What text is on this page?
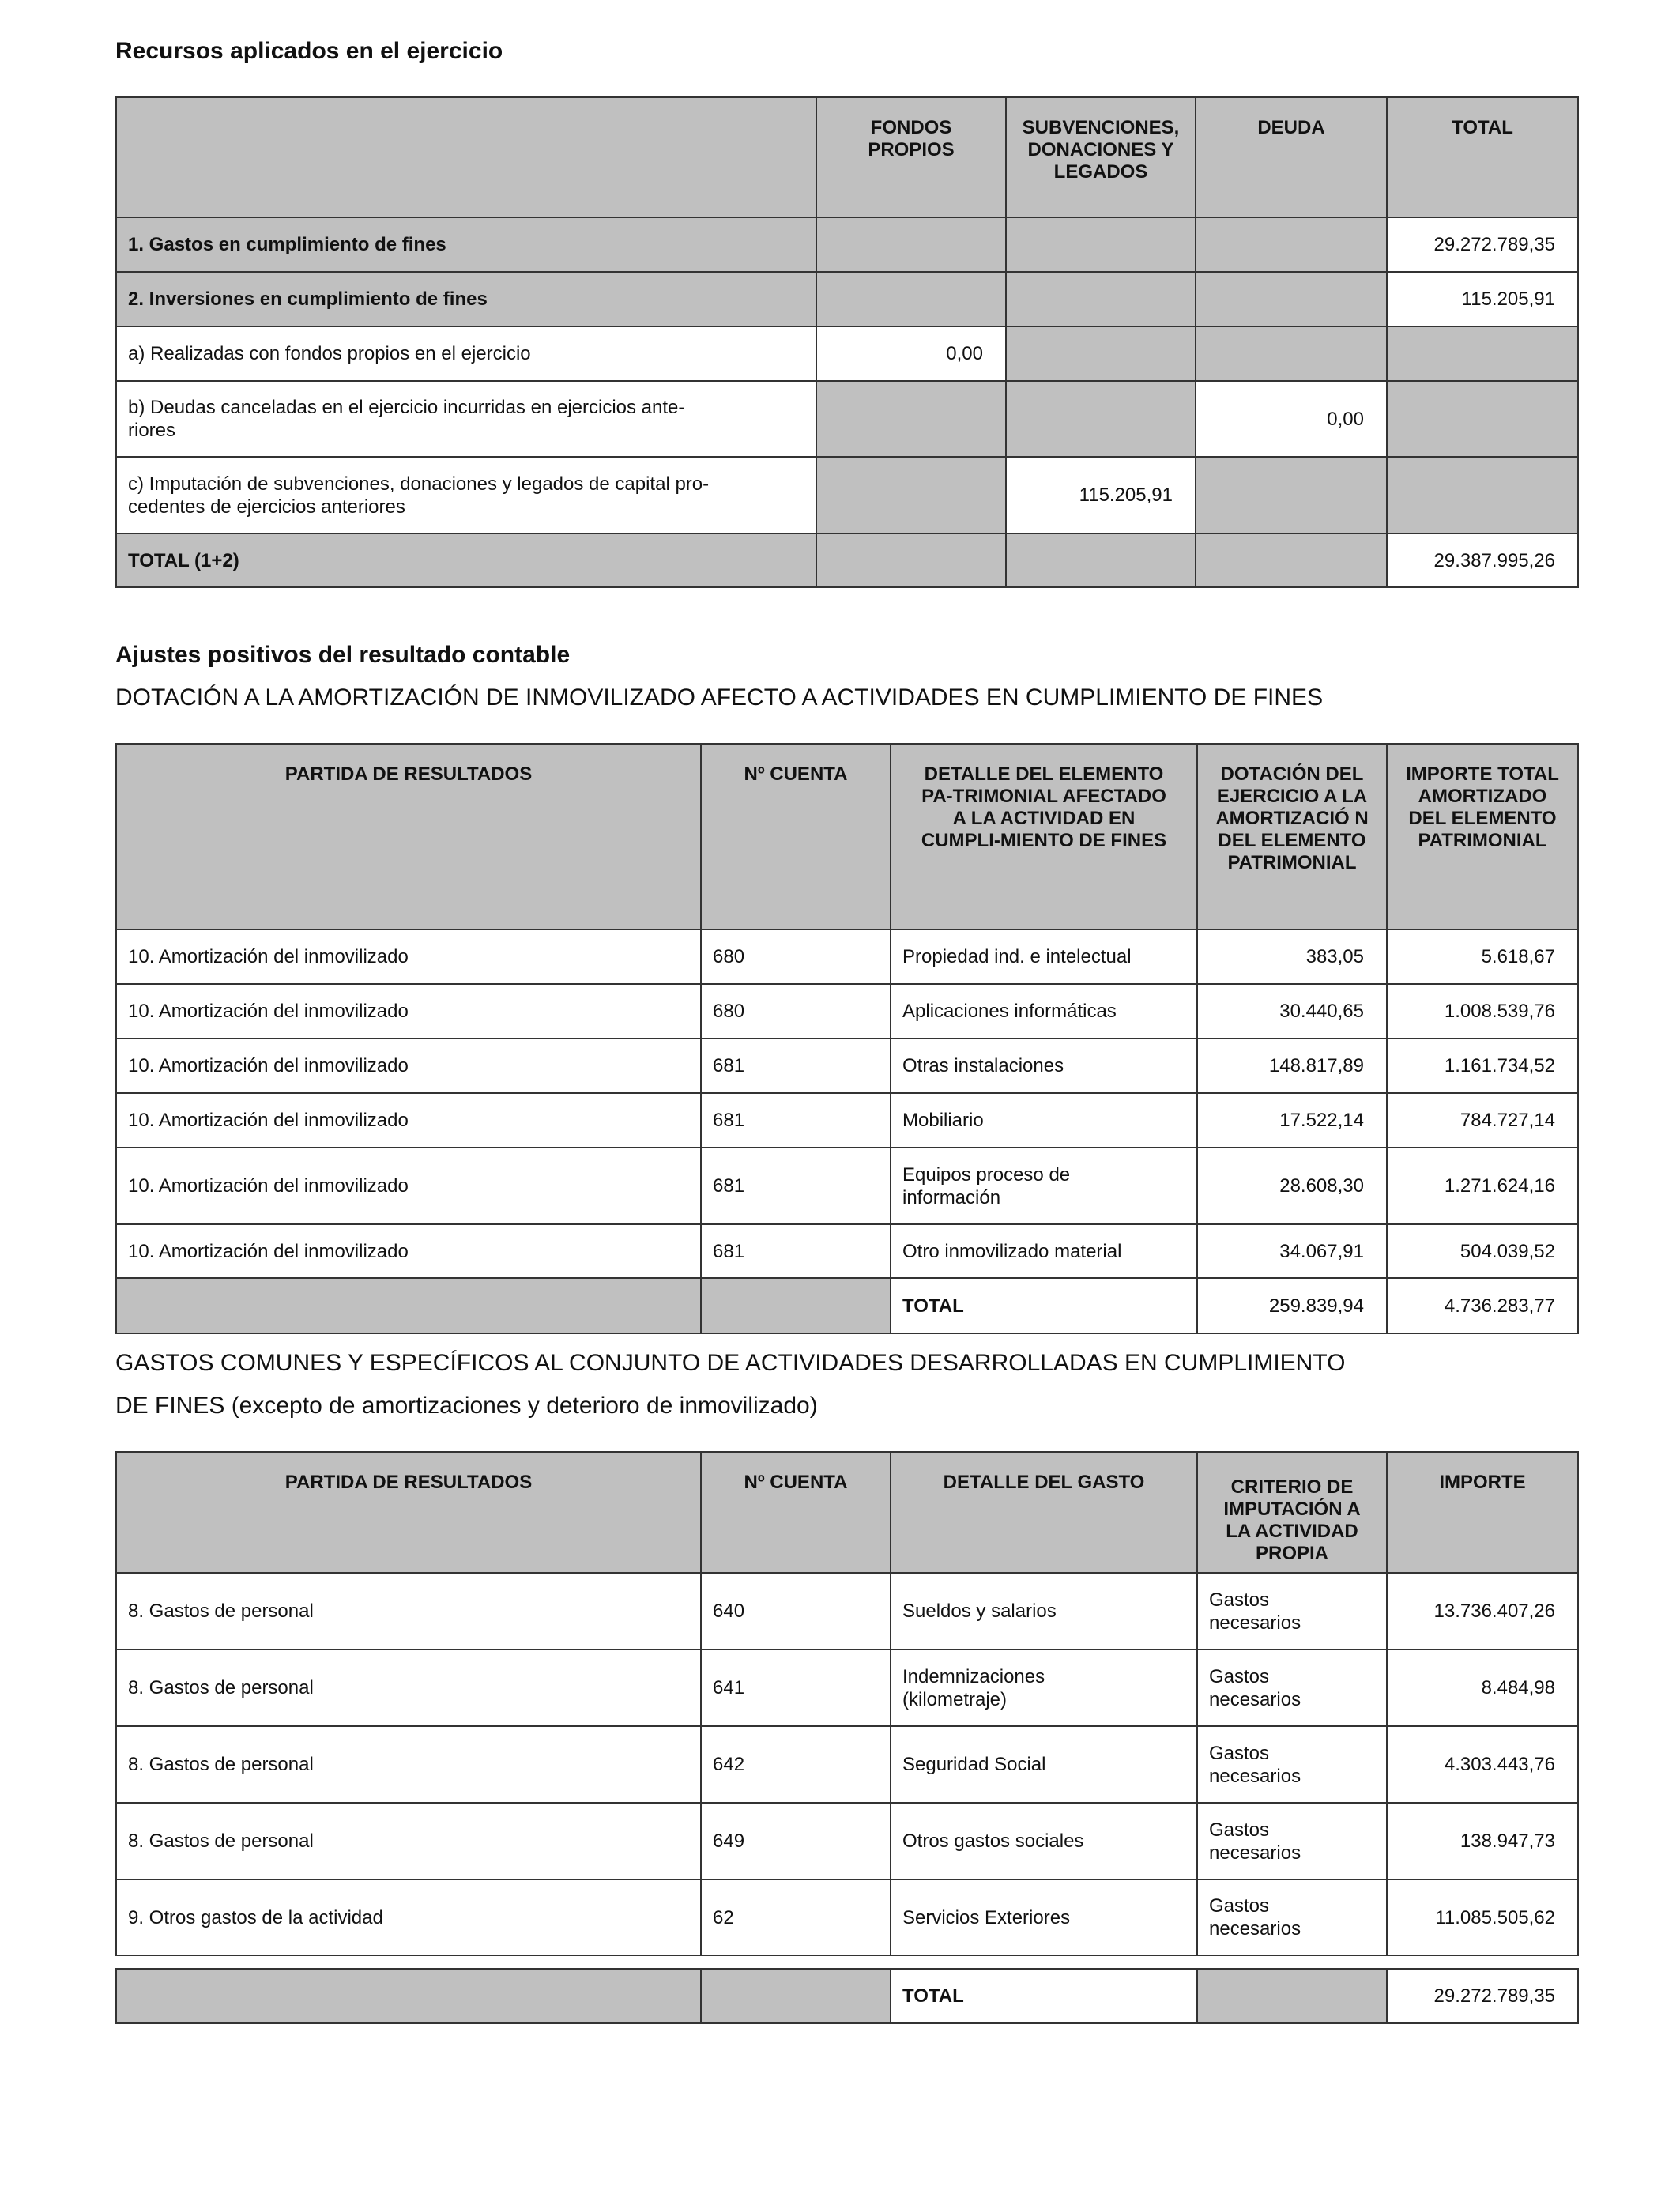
Recursos aplicados en el ejercicio
	FONDOS PROPIOS	SUBVENCIONES, DONACIONES Y LEGADOS	DEUDA	TOTAL
1. Gastos en cumplimiento de fines				29.272.789,35
2. Inversiones en cumplimiento de fines				115.205,91
a) Realizadas con fondos propios en el ejercicio	0,00			
b) Deudas canceladas en el ejercicio incurridas en ejercicios ante-riores			0,00	
c) Imputación de subvenciones, donaciones y legados de capital pro-cedentes de ejercicios anteriores		115.205,91		
TOTAL (1+2)				29.387.995,26
Ajustes positivos del resultado contable
DOTACIÓN A LA AMORTIZACIÓN DE INMOVILIZADO AFECTO A ACTIVIDADES EN CUMPLIMIENTO DE FINES
PARTIDA DE RESULTADOS	Nº CUENTA	DETALLE DEL ELEMENTO PA-TRIMONIAL AFECTADO A LA ACTIVIDAD EN CUMPLI-MIENTO DE FINES	DOTACIÓN DEL EJERCICIO A LA AMORTIZACIÓ N DEL ELEMENTO PATRIMONIAL	IMPORTE TOTAL AMORTIZADO DEL ELEMENTO PATRIMONIAL
10. Amortización del inmovilizado	680	Propiedad ind. e intelectual	383,05	5.618,67
10. Amortización del inmovilizado	680	Aplicaciones informáticas	30.440,65	1.008.539,76
10. Amortización del inmovilizado	681	Otras instalaciones	148.817,89	1.161.734,52
10. Amortización del inmovilizado	681	Mobiliario	17.522,14	784.727,14
10. Amortización del inmovilizado	681	Equipos proceso de información	28.608,30	1.271.624,16
10. Amortización del inmovilizado	681	Otro inmovilizado material	34.067,91	504.039,52
		TOTAL	259.839,94	4.736.283,77
GASTOS COMUNES Y ESPECÍFICOS AL CONJUNTO DE ACTIVIDADES DESARROLLADAS EN CUMPLIMIENTO
DE FINES (excepto de amortizaciones y deterioro de inmovilizado)
PARTIDA DE RESULTADOS	Nº CUENTA	DETALLE DEL GASTO	CRITERIO DE IMPUTACIÓN A LA ACTIVIDAD PROPIA	IMPORTE
8. Gastos de personal	640	Sueldos y salarios	Gastos necesarios	13.736.407,26
8. Gastos de personal	641	Indemnizaciones (kilometraje)	Gastos necesarios	8.484,98
8. Gastos de personal	642	Seguridad Social	Gastos necesarios	4.303.443,76
8. Gastos de personal	649	Otros gastos sociales	Gastos necesarios	138.947,73
9. Otros gastos de la actividad	62	Servicios Exteriores	Gastos necesarios	11.085.505,62
		TOTAL		29.272.789,35
